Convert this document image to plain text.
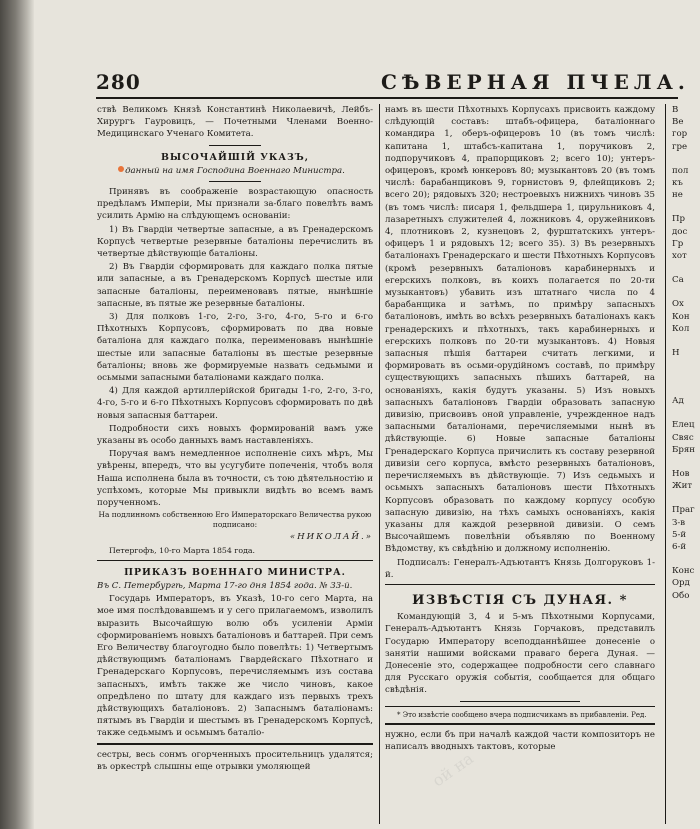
280	СѢВЕРНАЯ ПЧЕЛА.

ствѣ Великомъ Князѣ Константинѣ Николаевичѣ, Лейбъ-Хирургъ Гауровицъ, — Почетными Членами Военно-Медицинскаго Ученаго Комитета.

ВЫСОЧАЙШІЙ УКАЗЪ,

данный на имя Господина Военнаго Министра.

Принявъ въ соображеніе возрастающую опасность предѣламъ Имперіи, Мы признали за-благо повелѣть вамъ усилить Армію на слѣдующемъ основаніи:

1) Въ Гвардіи четвертые запасные, а въ Гренадерскомъ Корпусѣ четвертые резервные баталіоны перечислить въ четвертые дѣйствующіе баталіоны.

2) Въ Гвардіи сформировать для каждаго полка пятые или запасные, а въ Гренадерскомъ Корпусѣ шестые или запасные баталіоны, переименовавъ пятые, нынѣшніе запасные, въ пятые же резервные баталіоны.

3) Для полковъ 1-го, 2-го, 3-го, 4-го, 5-го и 6-го Пѣхотныхъ Корпусовъ, сформировать по два новые баталіона для каждаго полка, переименовавъ нынѣшніе шестые или запасные баталіоны въ шестые резервные баталіоны; вновь же формируемые назвать седьмыми и осьмыми запасными баталіонами каждаго полка.

4) Для каждой артиллерійской бригады 1-го, 2-го, 3-го, 4-го, 5-го и 6-го Пѣхотныхъ Корпусовъ сформировать по двѣ новыя запасныя баттареи.

Подробности сихъ новыхъ формированій вамъ уже указаны въ особо данныхъ вамъ наставленіяхъ.

Поручая вамъ немедленное исполненіе сихъ мѣръ, Мы увѣрены, впередъ, что вы усугубите попеченія, чтобъ воля Наша исполнена была въ точности, съ тою дѣятельностію и успѣхомъ, которые Мы привыкли видѣть во всемъ вамъ порученномъ.

На подлинномъ собственною Его Императорскаго Величества рукою подписано:

«НИКОЛАЙ.»

Петергофъ, 10-го Марта 1854 года.

ПРИКАЗЪ ВОЕННАГО МИНИСТРА.

Въ С. Петербургѣ, Марта 17-го дня 1854 года. № 33-й.

Государь Императоръ, въ Указѣ, 10-го сего Марта, на мое имя послѣдовавшемъ и у сего прилагаемомъ, изволилъ выразить Высочайшую волю объ усиленіи Арміи сформированіемъ новыхъ баталіоновъ и баттарей. При семъ Его Величеству благоугодно было повелѣть: 1) Четвертымъ дѣйствующимъ баталіонамъ Гвардейскаго Пѣхотнаго и Гренадерскаго Корпусовъ, перечисляемымъ изъ состава запасныхъ, имѣть также же число чиновъ, какое опредѣлено по штату для каждаго изъ первыхъ трехъ дѣйствующихъ баталіоновъ. 2) Запаснымъ баталіонамъ: пятымъ въ Гвардіи и шестымъ въ Гренадерскомъ Корпусѣ, также седьмымъ и осьмымъ баталіо-

сестры, весь сонмъ огорченныхъ просительницъ удалятся; въ оркестрѣ слышны еще отрывки умоляющей

намъ въ шести Пѣхотныхъ Корпусахъ присвоить каждому слѣдующій составъ: штабъ-офицера, баталіоннаго командира 1, оберъ-офицеровъ 10 (въ томъ числѣ: капитана 1, штабсъ-капитана 1, поручиковъ 2, подпоручиковъ 4, прапорщиковъ 2; всего 10); унтеръ-офицеровъ, кромѣ юнкеровъ 80; музыкантовъ 20 (въ томъ числѣ: барабанщиковъ 9, горнистовъ 9, флейщиковъ 2; всего 20); рядовыхъ 320; нестроевыхъ нижнихъ чиновъ 35 (въ томъ числѣ: писаря 1, фельдшера 1, цирульниковъ 4, лазаретныхъ служителей 4, ложниковъ 4, оружейниковъ 4, плотниковъ 2, кузнецовъ 2, фурштатскихъ унтеръ-офицеръ 1 и рядовыхъ 12; всего 35). 3) Въ резервныхъ баталіонахъ Гренадерскаго и шести Пѣхотныхъ Корпусовъ (кромѣ резервныхъ баталіоновъ карабинерныхъ и егерскихъ полковъ, въ коихъ полагается по 20-ти музыкантовъ) убавить изъ штатнаго числа по 4 барабанщика и затѣмъ, по примѣру запасныхъ баталіоновъ, имѣть во всѣхъ резервныхъ баталіонахъ какъ гренадерскихъ и пѣхотныхъ, такъ карабинерныхъ и егерскихъ полковъ по 20-ти музыкантовъ. 4) Новыя запасныя пѣшія баттареи считать легкими, и формировать въ осьми-орудійномъ составѣ, по примѣру существующихъ запасныхъ пѣшихъ баттарей, на основаніяхъ, какія будутъ указаны. 5) Изъ новыхъ запасныхъ баталіоновъ Гвардіи образовать запасную дивизію, присвоивъ оной управленіе, учрежденное надъ запасными баталіонами, перечисляемыми нынѣ въ дѣйствующіе. 6) Новые запасные баталіоны Гренадерскаго Корпуса причислить къ составу резервной дивизіи сего корпуса, вмѣсто резервныхъ баталіоновъ, перечисляемыхъ въ дѣйствующіе. 7) Изъ седьмыхъ и осьмыхъ запасныхъ баталіоновъ шести Пѣхотныхъ Корпусовъ образовать по каждому корпусу особую запасную дивизію, на тѣхъ самыхъ основаніяхъ, какія указаны для каждой резервной дивизіи. О семъ Высочайшемъ повелѣніи объявляю по Военному Вѣдомству, къ свѣдѣнію и должному исполненію.

Подписалъ: Генералъ-Адъютантъ Князь Долгоруковъ 1-й.

ИЗВѢСТІЯ СЪ ДУНАЯ. *

Командующій 3, 4 и 5-мъ Пѣхотными Корпусами, Генералъ-Адъютантъ Князь Горчаковъ, представилъ Государю Императору всеподданнѣйшее донесеніе о занятіи нашими войсками праваго берега Дуная. — Донесеніе это, содержащее подробности сего славнаго для Русскаго оружія событія, сообщается для общаго свѣдѣнія.

* Это извѣстіе сообщено вчера подписчикамъ въ прибавленіи. Ред.

нужно, если бъ при началѣ каждой части композиторъ не написалъ вводныхъ тактовъ, которые

В
Ве
гор
гре
пол
къ
не
Пр
дос
Гр
хот
Са
Ох
Кон
Кол
Н
Ад
Елец
Свяс
Брян
Нов
Жит
Праг
З-в
5-й
6-й
Конс
Орд
Обо
ой на
